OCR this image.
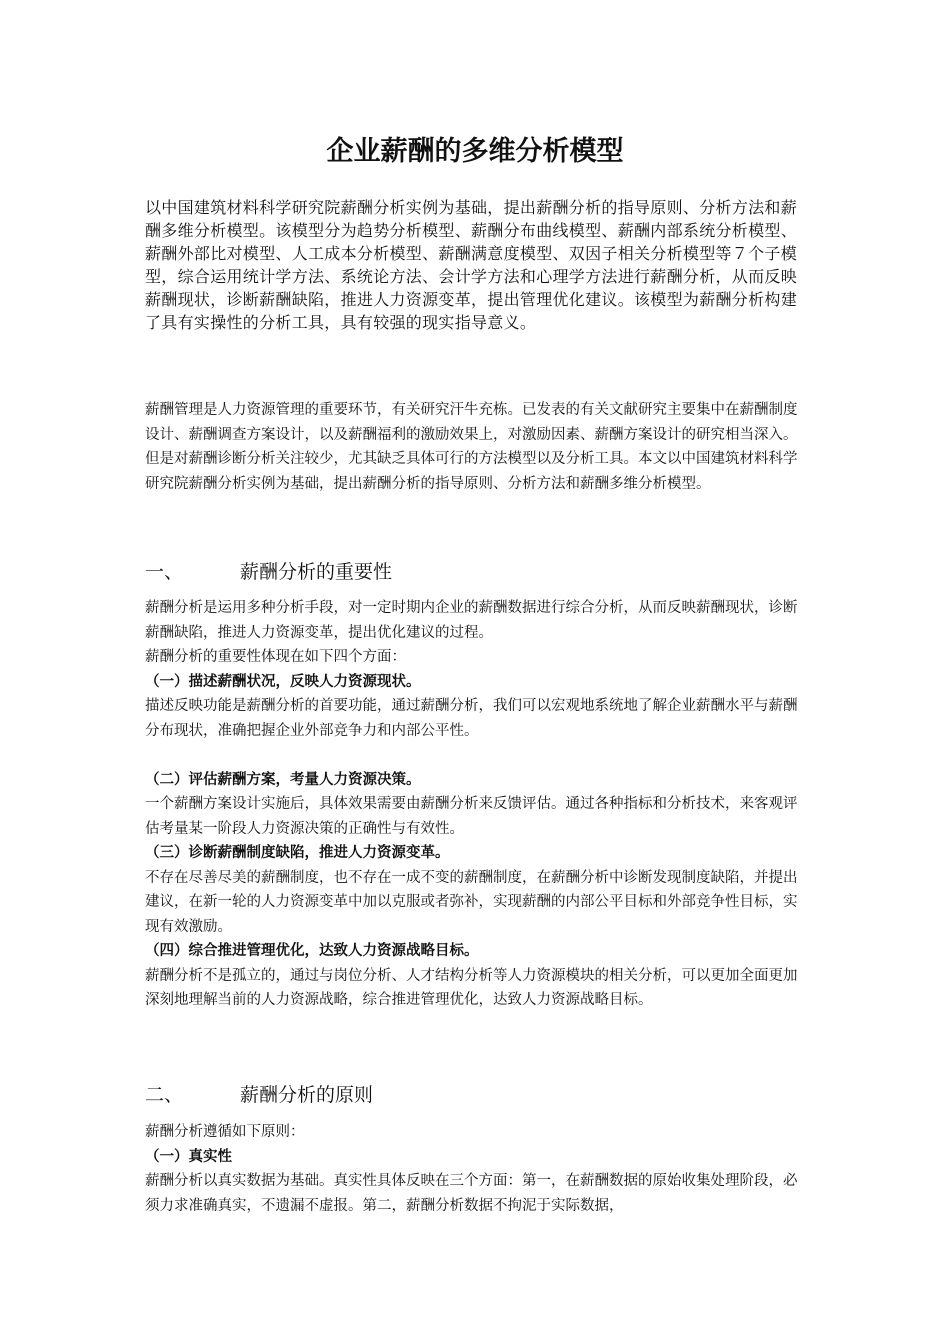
企业薪酬的多维分析模型

以中国建筑材料科学研究院薪酬分析实例为基础，提出薪酬分析的指导原则、分析方法和薪酬多维分析模型。该模型分为趋势分析模型、薪酬分布曲线模型、薪酬内部系统分析模型、薪酬外部比对模型、人工成本分析模型、薪酬满意度模型、双因子相关分析模型等７个子模型，综合运用统计学方法、系统论方法、会计学方法和心理学方法进行薪酬分析，从而反映薪酬现状，诊断薪酬缺陷，推进人力资源变革，提出管理优化建议。该模型为薪酬分析构建了具有实操性的分析工具，具有较强的现实指导意义。

薪酬管理是人力资源管理的重要环节，有关研究汗牛充栋。已发表的有关文献研究主要集中在薪酬制度设计、薪酬调查方案设计，以及薪酬福利的激励效果上，对激励因素、薪酬方案设计的研究相当深入。但是对薪酬诊断分析关注较少，尤其缺乏具体可行的方法模型以及分析工具。本文以中国建筑材料科学研究院薪酬分析实例为基础，提出薪酬分析的指导原则、分析方法和薪酬多维分析模型。

一、	薪酬分析的重要性

薪酬分析是运用多种分析手段，对一定时期内企业的薪酬数据进行综合分析，从而反映薪酬现状，诊断薪酬缺陷，推进人力资源变革，提出优化建议的过程。

薪酬分析的重要性体现在如下四个方面：

（一）描述薪酬状况，反映人力资源现状。

描述反映功能是薪酬分析的首要功能，通过薪酬分析，我们可以宏观地系统地了解企业薪酬水平与薪酬分布现状，准确把握企业外部竞争力和内部公平性。

（二）评估薪酬方案，考量人力资源决策。

一个薪酬方案设计实施后，具体效果需要由薪酬分析来反馈评估。通过各种指标和分析技术，来客观评估考量某一阶段人力资源决策的正确性与有效性。

（三）诊断薪酬制度缺陷，推进人力资源变革。

不存在尽善尽美的薪酬制度，也不存在一成不变的薪酬制度，在薪酬分析中诊断发现制度缺陷，并提出建议，在新一轮的人力资源变革中加以克服或者弥补，实现薪酬的内部公平目标和外部竞争性目标，实现有效激励。

（四）综合推进管理优化，达致人力资源战略目标。

薪酬分析不是孤立的，通过与岗位分析、人才结构分析等人力资源模块的相关分析，可以更加全面更加深刻地理解当前的人力资源战略，综合推进管理优化，达致人力资源战略目标。

二、	薪酬分析的原则

薪酬分析遵循如下原则：

（一）真实性

薪酬分析以真实数据为基础。真实性具体反映在三个方面：第一，在薪酬数据的原始收集处理阶段，必须力求准确真实，不遗漏不虚报。第二，薪酬分析数据不拘泥于实际数据，
